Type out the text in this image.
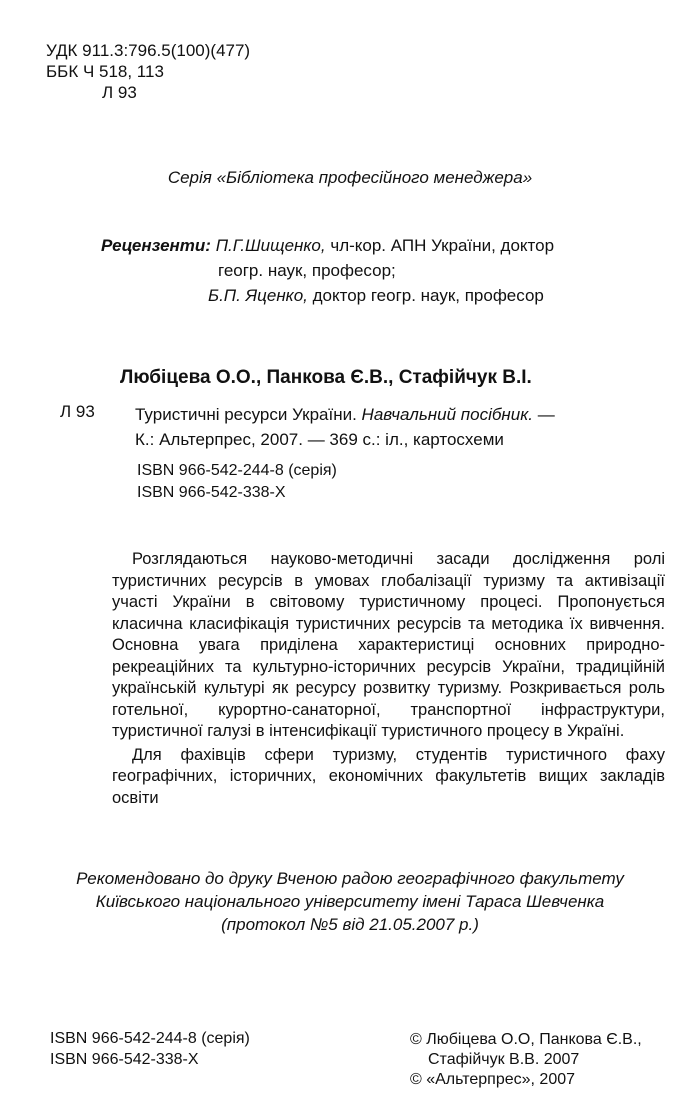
УДК 911.3:796.5(100)(477)
ББК Ч 518, 113
Л 93
Серія «Бібліотека професійного менеджера»
Рецензенти: П.Г.Шищенко, чл-кор. АПН України, доктор
геогр. наук, професор;
Б.П. Яценко, доктор геогр. наук, професор
Любіцева О.О., Панкова Є.В., Стафійчук В.І.
Л 93 Туристичні ресурси України. Навчальний посібник. —
К.: Альтерпрес, 2007. — 369 с.: іл., картосхеми
ISBN 966-542-244-8 (серія)
ISBN 966-542-338-X

Розглядаються науково-методичні засади дослідження ролі туристичних ресурсів в умовах глобалізації туризму та активізації участі України в світовому туристичному процесі. Пропонується класична класифікація туристичних ресурсів та методика їх вивчення. Основна увага приділена характеристиці основних природно-рекреаційних та культурно-історичних ресурсів України, традиційній українській культурі як ресурсу розвитку туризму. Розкривається роль готельної, курортно-санаторної, транспортної інфраструктури, туристичної галузі в інтенсифікації туристичного процесу в Україні.

Для фахівців сфери туризму, студентів туристичного фаху географічних, історичних, економічних факультетів вищих закладів освіти

Рекомендовано до друку Вченою радою географічного факультету
Київського національного університету імені Тараса Шевченка
(протокол №5 від 21.05.2007 р.)
ISBN 966-542-244-8 (серія)
ISBN 966-542-338-X
© Любіцева О.О, Панкова Є.В.,
Стафійчук В.В. 2007
© «Альтерпрес», 2007
